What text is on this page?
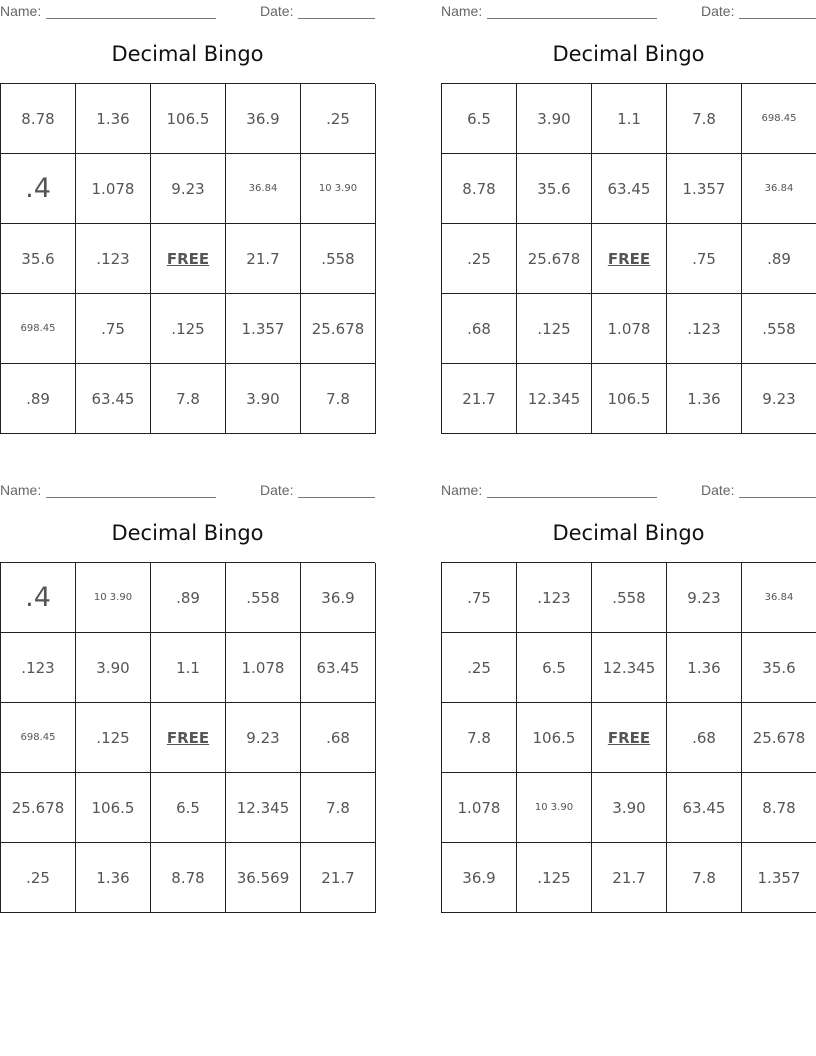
Name:	Date:
Decimal Bingo
8.78	1.36	106.5	36.9	.25
.4	1.078	9.23	36.84	10 3.90
35.6	.123	FREE	21.7	.558
698.45	.75	.125	1.357	25.678
.89	63.45	7.8	3.90	7.8
Name:	Date:
Decimal Bingo
6.5	3.90	1.1	7.8	698.45
8.78	35.6	63.45	1.357	36.84
.25	25.678	FREE	.75	.89
.68	.125	1.078	.123	.558
21.7	12.345	106.5	1.36	9.23
Name:	Date:
Decimal Bingo
.4	10 3.90	.89	.558	36.9
.123	3.90	1.1	1.078	63.45
698.45	.125	FREE	9.23	.68
25.678	106.5	6.5	12.345	7.8
.25	1.36	8.78	36.569	21.7
Name:	Date:
Decimal Bingo
.75	.123	.558	9.23	36.84
.25	6.5	12.345	1.36	35.6
7.8	106.5	FREE	.68	25.678
1.078	10 3.90	3.90	63.45	8.78
36.9	.125	21.7	7.8	1.357
